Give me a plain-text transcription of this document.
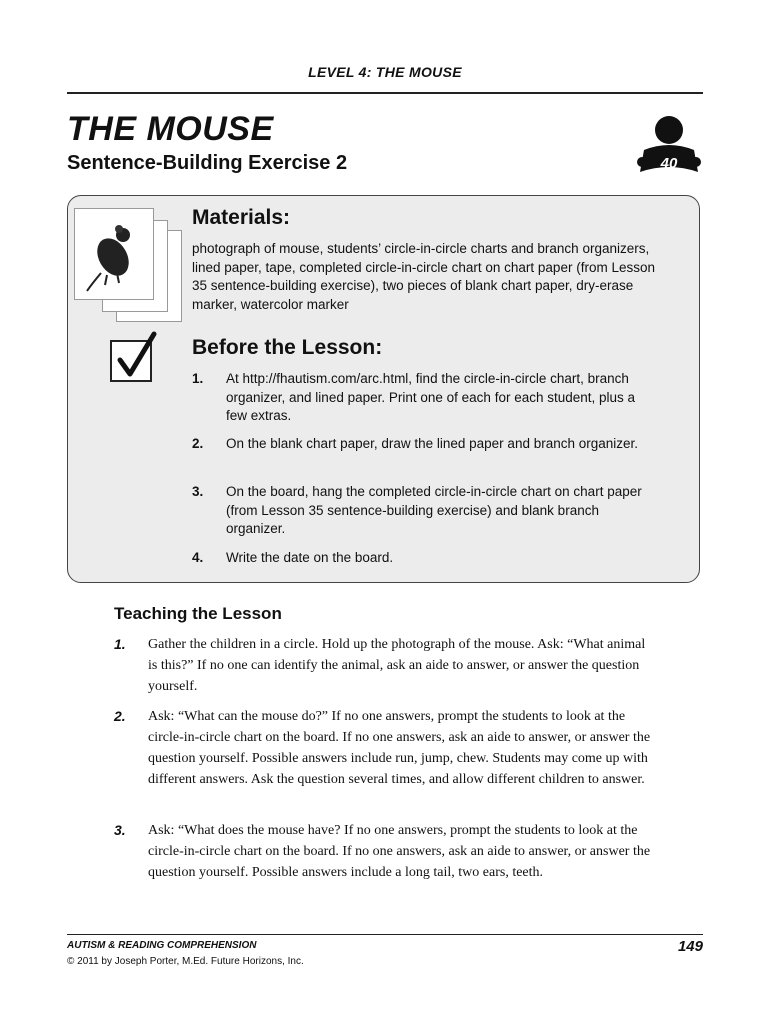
LEVEL 4: THE MOUSE
THE MOUSE
Sentence-Building Exercise 2	40
Materials:
photograph of mouse, students’ circle-in-circle charts and branch organizers, lined paper, tape, completed circle-in-circle chart on chart paper (from Lesson 35 sentence-building exercise), two pieces of blank chart paper, dry-erase marker, watercolor marker
Before the Lesson:
1. At http://fhautism.com/arc.html, find the circle-in-circle chart, branch organizer, and lined paper. Print one of each for each student, plus a few extras.
2. On the blank chart paper, draw the lined paper and branch organizer.
3. On the board, hang the completed circle-in-circle chart on chart paper (from Lesson 35 sentence-building exercise) and blank branch organizer.
4. Write the date on the board.
Teaching the Lesson
1. Gather the children in a circle. Hold up the photograph of the mouse. Ask: “What animal is this?” If no one can identify the animal, ask an aide to answer, or answer the question yourself.
2. Ask: “What can the mouse do?” If no one answers, prompt the students to look at the circle-in-circle chart on the board. If no one answers, ask an aide to answer, or answer the question yourself. Possible answers include run, jump, chew. Students may come up with different answers. Ask the question several times, and allow different children to answer.
3. Ask: “What does the mouse have? If no one answers, prompt the students to look at the circle-in-circle chart on the board. If no one answers, ask an aide to answer, or answer the question yourself. Possible answers include a long tail, two ears, teeth.
AUTISM & READING COMPREHENSION
© 2011 by Joseph Porter, M.Ed. Future Horizons, Inc.
149
